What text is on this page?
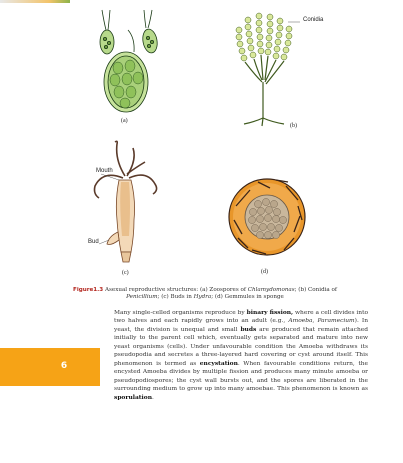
(a)
Conidia
(b)
Mouth
Bud
(c)	(d)
Figure1.3 Asexual reproductive structures: (a) Zoospores of Chlamydomonas; (b) Conidia of Penicillium; (c) Buds in Hydra; (d) Gemmules in sponge
6
Many single-celled organisms reproduce by binary fission, where a cell divides into two halves and each rapidly grows into an adult (e.g., Amoeba, Paramecium). In yeast, the division is unequal and small buds are produced that remain attached initially to the parent cell which, eventually gets separated and mature into new yeast organisms (cells). Under unfavourable condition the Amoeba withdraws its pseudopodia and secretes a three-layered hard covering or cyst around itself. This phenomenon is termed as encystation. When favourable conditions return, the encysted Amoeba divides by multiple fission and produces many minute amoeba or pseudopodiospores; the cyst wall bursts out, and the spores are liberated in the surrounding medium to grow up into many amoebae. This phenomenon is known as sporulation.
